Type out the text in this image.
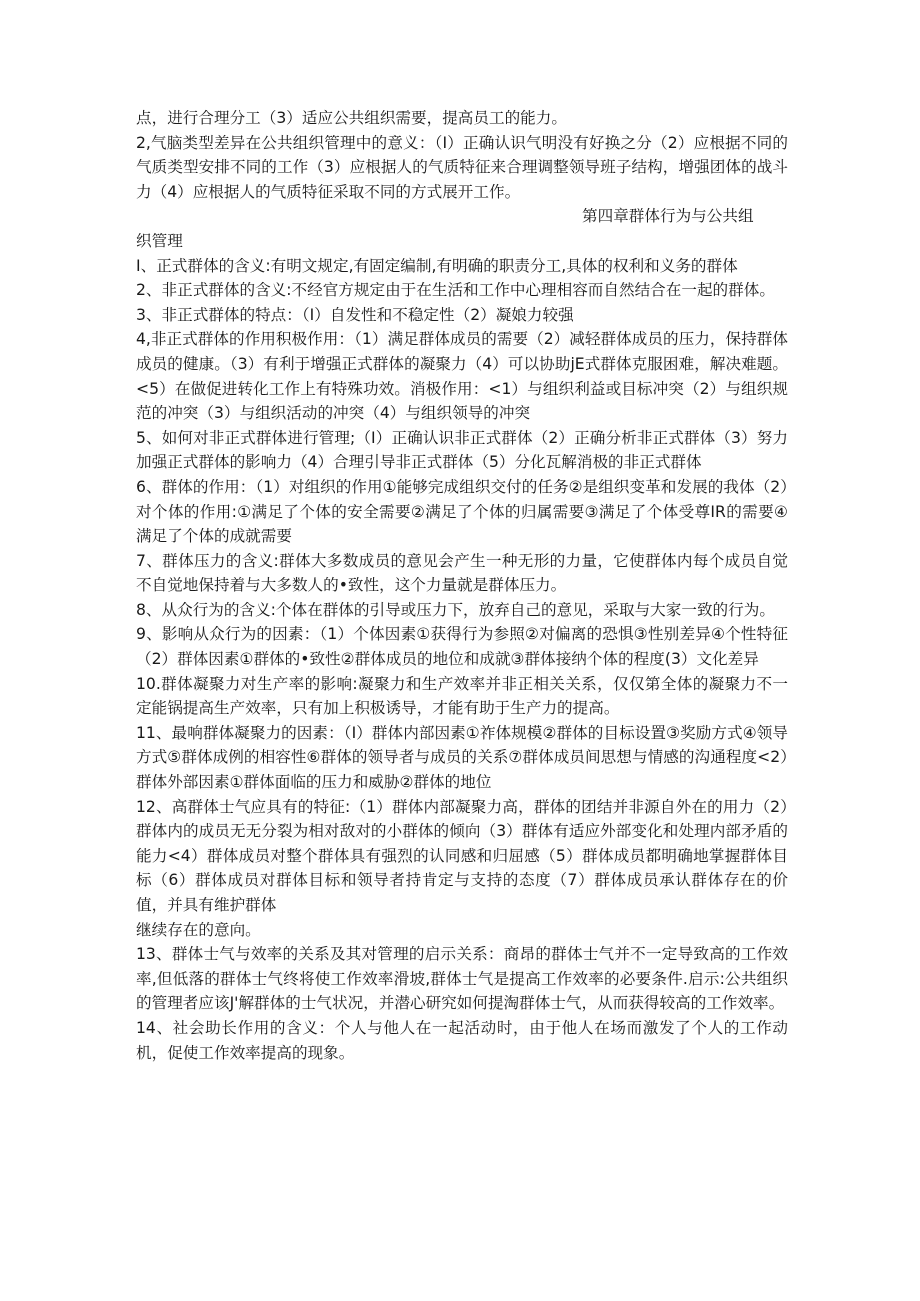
点，进行合理分工（3）适应公共组织需要，提高员工的能力。

2,气脑类型差异在公共组织管理中的意义：（I）正确认识气明没有好换之分（2）应根据不同的气质类型安排不同的工作（3）应根据人的气质特征来合理调整领导班子结构，增强团体的战斗力（4）应根据人的气质特征采取不同的方式展开工作。

第四章群体行为与公共组

织管理

I、正式群体的含义:有明文规定,有固定编制,有明确的职责分工,具体的权利和义务的群体

2、非正式群体的含义:不经官方规定由于在生活和工作中心理相容而自然结合在一起的群体。

3、非正式群体的特点：（I）自发性和不稳定性（2）凝娘力较强

4,非正式群体的作用积极作用：（1）满足群体成员的需要（2）减轻群体成员的压力，保持群体成员的健康。（3）有利于增强正式群体的凝聚力（4）可以协助jE式群体克服困难，解决难题。<5）在做促进转化工作上有特殊功效。消极作用：<1）与组织利益或目标冲突（2）与组织规范的冲突（3）与组织活动的冲突（4）与组织领导的冲突

5、如何对非正式群体进行管理;（I）正确认识非正式群体（2）正确分析非正式群体（3）努力加强正式群体的影响力（4）合理引导非正式群体（5）分化瓦解消极的非正式群体

6、群体的作用：（1）对组织的作用①能够完成组织交付的任务②是组织变革和发展的我体（2）对个体的作用:①满足了个体的安全需要②满足了个体的归属需要③满足了个体受尊IR的需要④满足了个体的成就需要

7、群体压力的含义:群体大多数成员的意见会产生一种无形的力量，它使群体内每个成员自觉不自觉地保持着与大多数人的•致性，这个力量就是群体压力。

8、从众行为的含义:个体在群体的引导或压力下，放弃自己的意见，采取与大家一致的行为。

9、影响从众行为的因素：（1）个体因素①获得行为参照②对偏离的恐惧③性别差异④个性特征（2）群体因素①群体的•致性②群体成员的地位和成就③群体接纳个体的程度(3）文化差异

10.群体凝聚力对生产率的影响:凝聚力和生产效率并非正相关关系，仅仅第全体的凝聚力不一定能锅提高生产效率，只有加上积极诱导，才能有助于生产力的提高。

11、最响群体凝聚力的因素：（I）群体内部因素①祚体规模②群体的目标设置③奖励方式④领导方式⑤群体成例的相容性⑥群体的领导者与成员的关系⑦群体成员间思想与情感的沟通程度<2）群体外部因素①群体面临的压力和威胁②群体的地位

12、高群体士气应具有的特征:（1）群体内部凝聚力高，群体的团结并非源自外在的用力（2）群体内的成员无无分裂为相对敌对的小群体的倾向（3）群体有适应外部变化和处理内部矛盾的能力<4）群体成员对整个群体具有强烈的认同感和归屈感（5）群体成员都明确地掌握群体目标（6）群体成员对群体目标和领导者持肯定与支持的态度（7）群体成员承认群体存在的价值，并具有维护群体

继续存在的意向。

13、群体士气与效率的关系及其对管理的启示关系：商昂的群体士气并不一定导致高的工作效率,但低落的群体士气终将使工作效率滑坡,群体士气是提高工作效率的必要条件.启示:公共组织的管理者应该J'解群体的士气状况，并潜心研究如何提淘群体士气，从而获得较高的工作效率。

14、社会助长作用的含义：个人与他人在一起活动时，由于他人在场而激发了个人的工作动机，促使工作效率提高的现象。
